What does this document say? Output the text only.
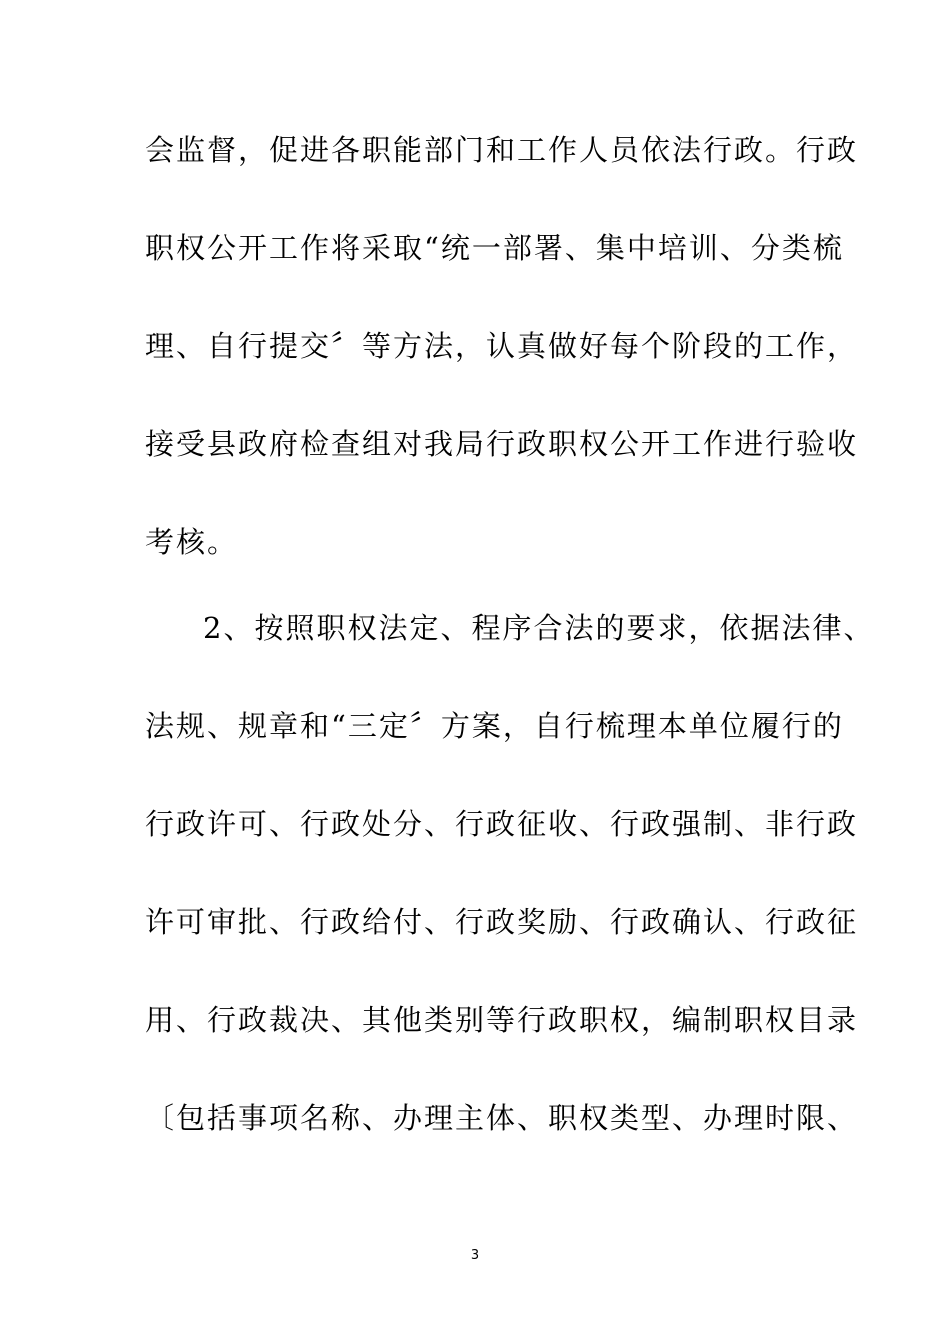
会监督，促进各职能部门和工作人员依法行政。行政
职权公开工作将采取“统一部署、集中培训、分类梳
理、自行提交〞等方法，认真做好每个阶段的工作，
接受县政府检查组对我局行政职权公开工作进行验收
考核。
2、按照职权法定、程序合法的要求，依据法律、
法规、规章和“三定〞方案，自行梳理本单位履行的
行政许可、行政处分、行政征收、行政强制、非行政
许可审批、行政给付、行政奖励、行政确认、行政征
用、行政裁决、其他类别等行政职权，编制职权目录
〔包括事项名称、办理主体、职权类型、办理时限、
3
